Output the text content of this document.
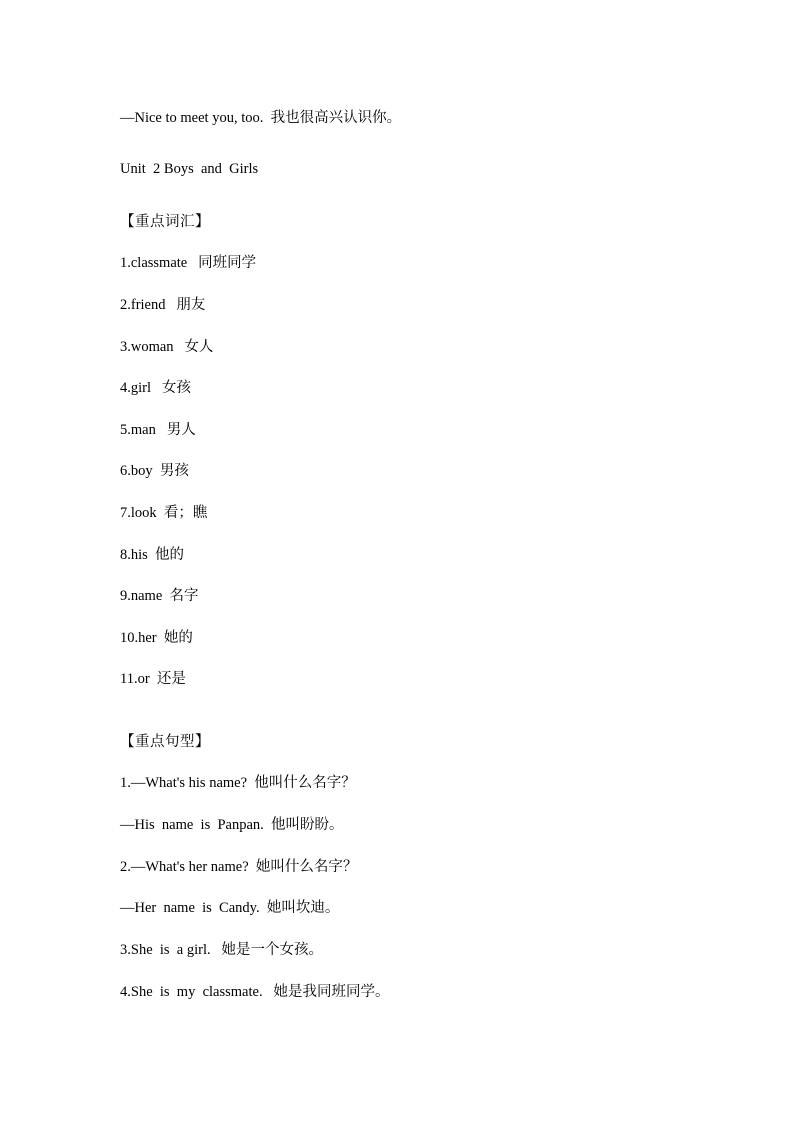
—Nice to meet you, too.  我也很高兴认识你。
Unit  2 Boys  and  Girls
【重点词汇】
1.classmate   同班同学
2.friend   朋友
3.woman   女人
4.girl   女孩
5.man   男人
6.boy  男孩
7.look  看；瞧
8.his  他的
9.name  名字
10.her  她的
11.or  还是
【重点句型】
1.—What's his name?  他叫什么名字？
—His  name  is  Panpan.  他叫盼盼。
2.—What's her name?  她叫什么名字？
—Her  name  is  Candy.  她叫坎迪。
3.She  is  a girl.   她是一个女孩。
4.She  is  my  classmate.   她是我同班同学。
